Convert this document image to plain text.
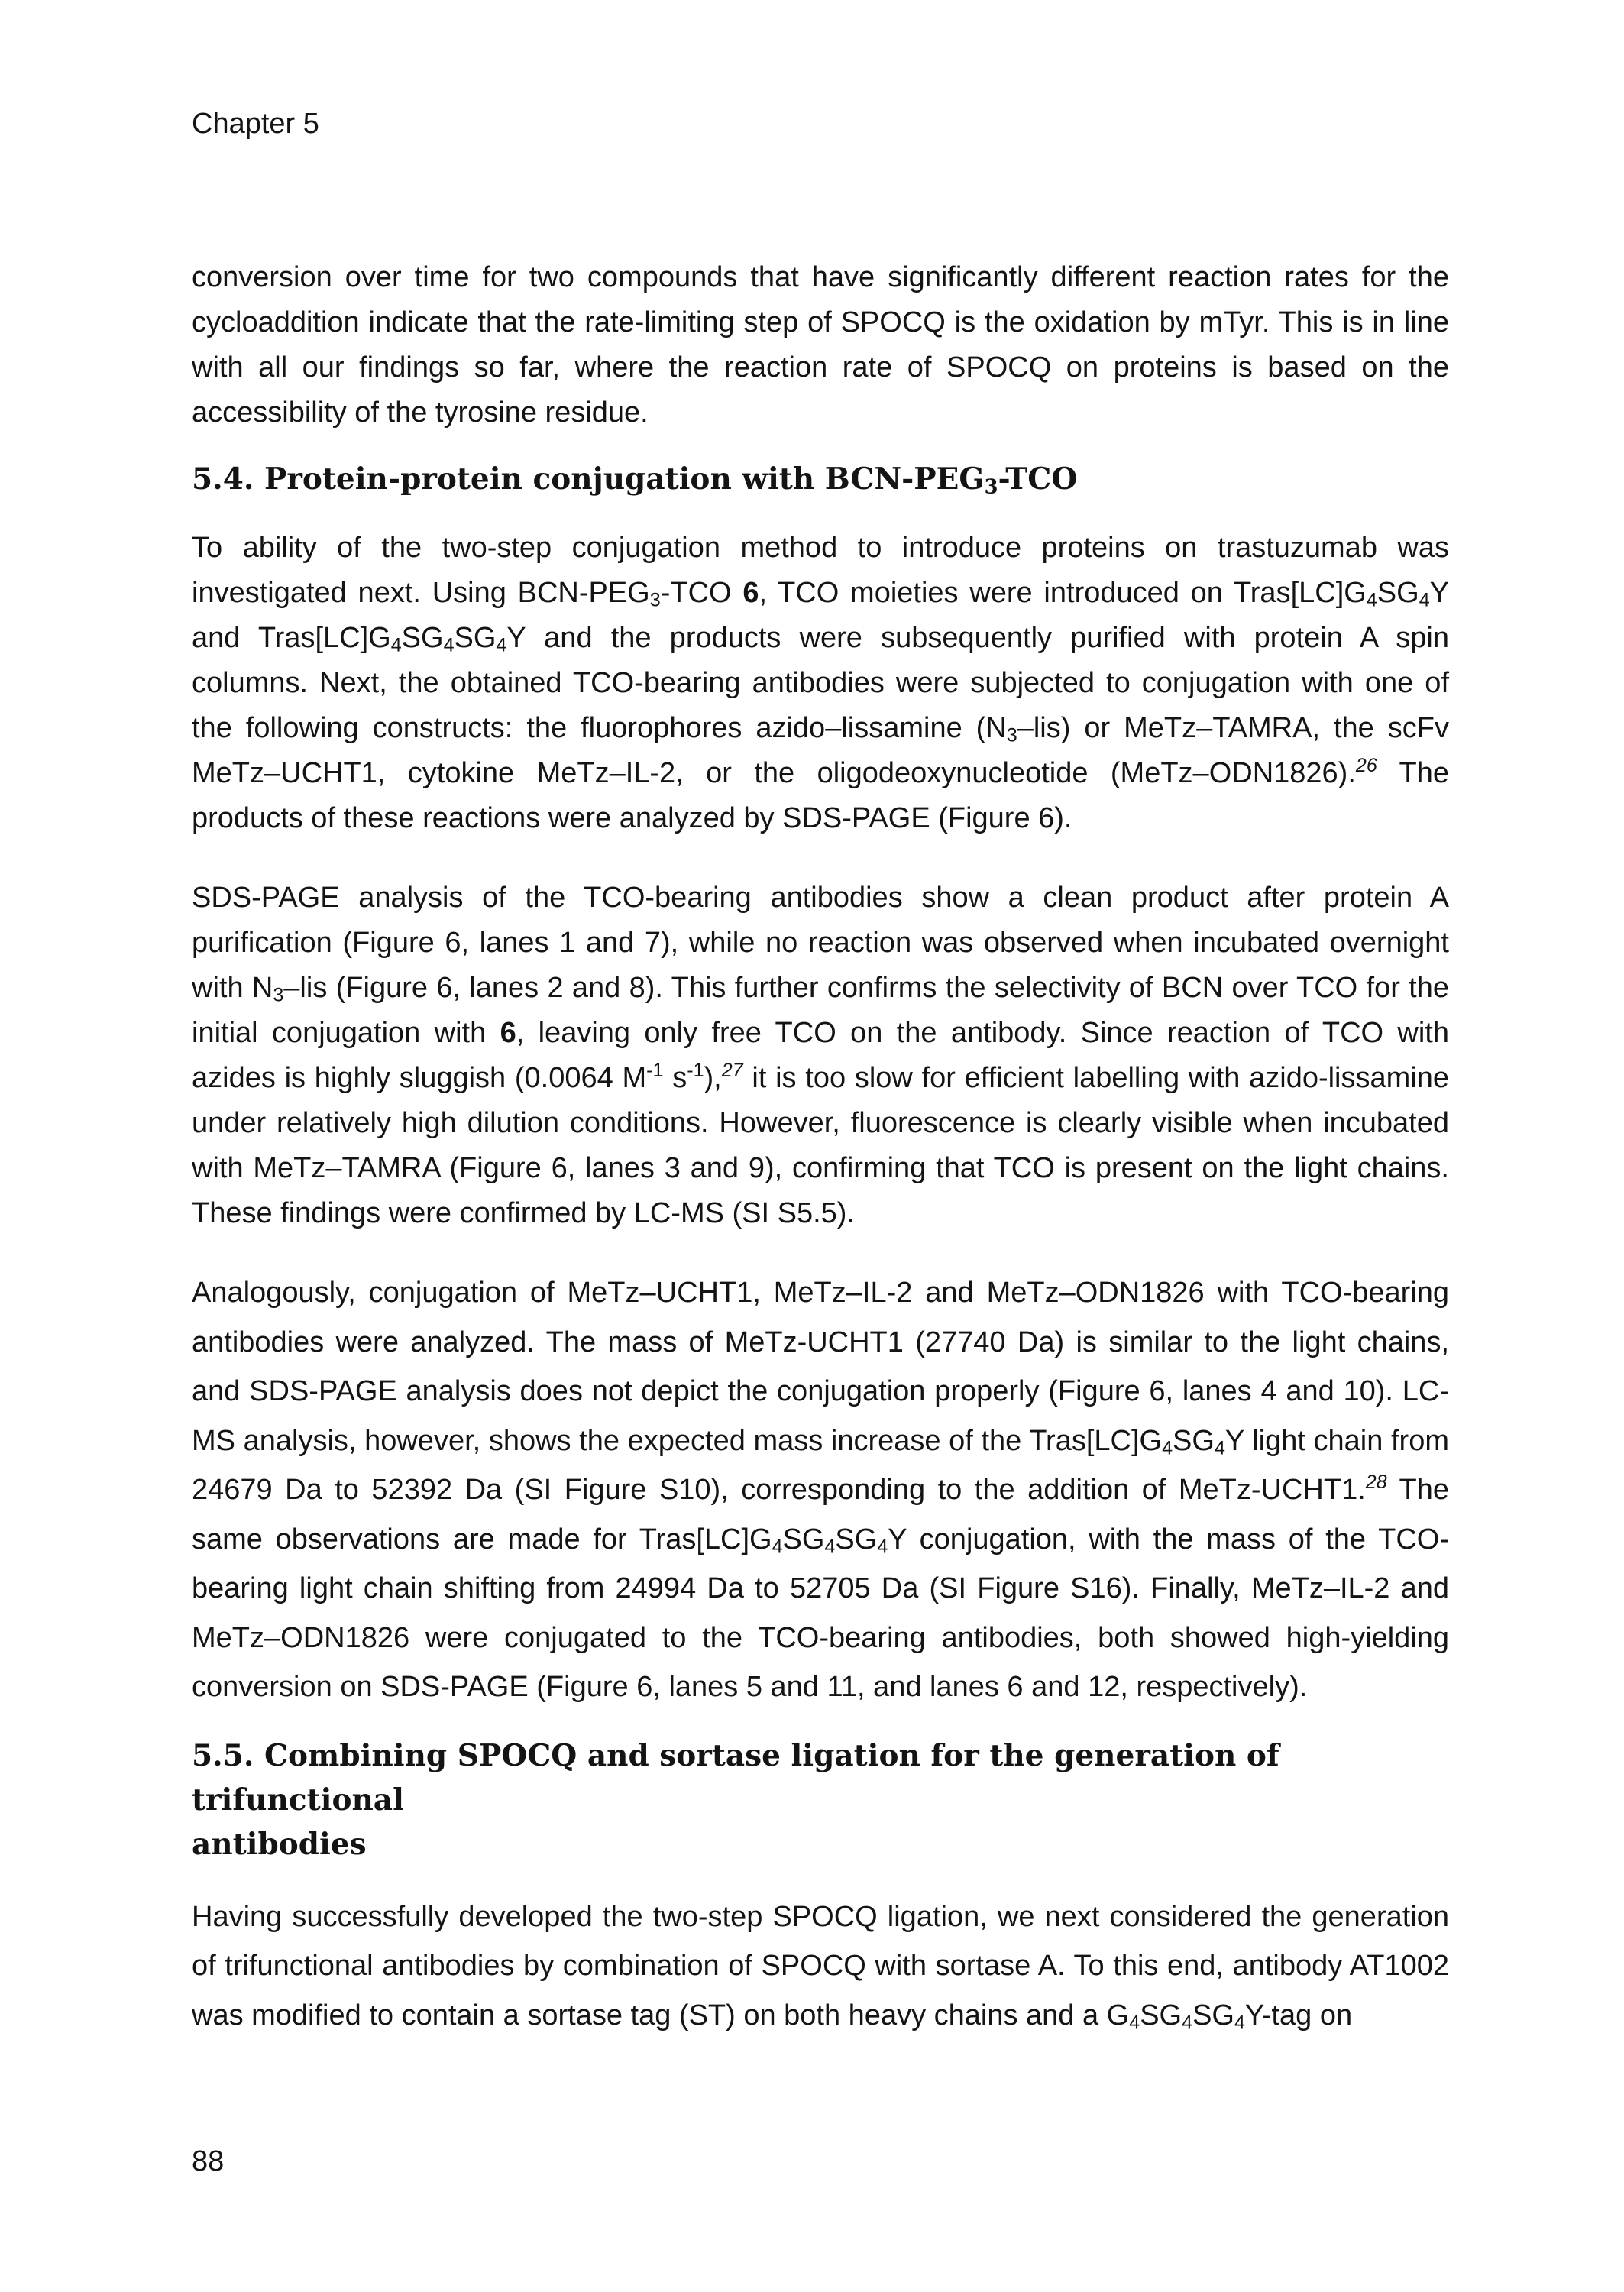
Chapter 5

conversion over time for two compounds that have significantly different reaction rates for the cycloaddition indicate that the rate-limiting step of SPOCQ is the oxidation by mTyr. This is in line with all our findings so far, where the reaction rate of SPOCQ on proteins is based on the accessibility of the tyrosine residue.

5.4. Protein-protein conjugation with BCN-$PEG_3$-TCO

To ability of the two-step conjugation method to introduce proteins on trastuzumab was investigated next. Using BCN-$PEG_3$-TCO 6, TCO moieties were introduced on $Tras[LC]G_4SG_4Y$ and $Tras[LC]G_4SG_4SG_4Y$ and the products were subsequently purified with protein A spin columns. Next, the obtained TCO-bearing antibodies were subjected to conjugation with one of the following constructs: the fluorophores azido–lissamine $(N_3-lis)$ or MeTz–TAMRA, the scFv MeTz–UCHT1, cytokine MeTz–IL-2, or the oligodeoxynucleotide (MeTz–ODN1826).$^{26}$ The products of these reactions were analyzed by SDS-PAGE (Figure 6).

SDS-PAGE analysis of the TCO-bearing antibodies show a clean product after protein A purification (Figure 6, lanes 1 and 7), while no reaction was observed when incubated overnight with $N_3$–lis (Figure 6, lanes 2 and 8). This further confirms the selectivity of BCN over TCO for the initial conjugation with 6, leaving only free TCO on the antibody. Since reaction of TCO with azides is highly sluggish (0.0064 $M^{-1}$ $s^{-1}),^{27}$ it is too slow for efficient labelling with azido-lissamine under relatively high dilution conditions. However, fluorescence is clearly visible when incubated with MeTz–TAMRA (Figure 6, lanes 3 and 9), confirming that TCO is present on the light chains. These findings were confirmed by LC-MS (SI S5.5).

Analogously, conjugation of MeTz–UCHT1, MeTz–IL-2 and MeTz–ODN1826 with TCO-bearing antibodies were analyzed. The mass of MeTz-UCHT1 (27740 Da) is similar to the light chains, and SDS-PAGE analysis does not depict the conjugation properly (Figure 6, lanes 4 and 10). LC-MS analysis, however, shows the expected mass increase of the $Tras[LC]G_4SG_4Y$ light chain from 24679 Da to 52392 Da (SI Figure S10), corresponding to the addition of MeTz-UCHT1.28 The same observations are made for $Tras[LC]G_4SG_4SG_4Y$ conjugation, with the mass of the TCO-bearing light chain shifting from 24994 Da to 52705 Da (SI Figure S16). Finally, MeTz–IL-2 and MeTz–ODN1826 were conjugated to the TCO-bearing antibodies, both showed high-yielding conversion on SDS-PAGE (Figure 6, lanes 5 and 11, and lanes 6 and 12, respectively).

5.5. Combining SPOCQ and sortase ligation for the generation of trifunctional
antibodies

Having successfully developed the two-step SPOCQ ligation, we next considered the generation of trifunctional antibodies by combination of SPOCQ with sortase A. To this end, antibody AT1002 was modified to contain a sortase tag (ST) on both heavy chains and a $G_4SG_4SG_4Y$-tag on

88
